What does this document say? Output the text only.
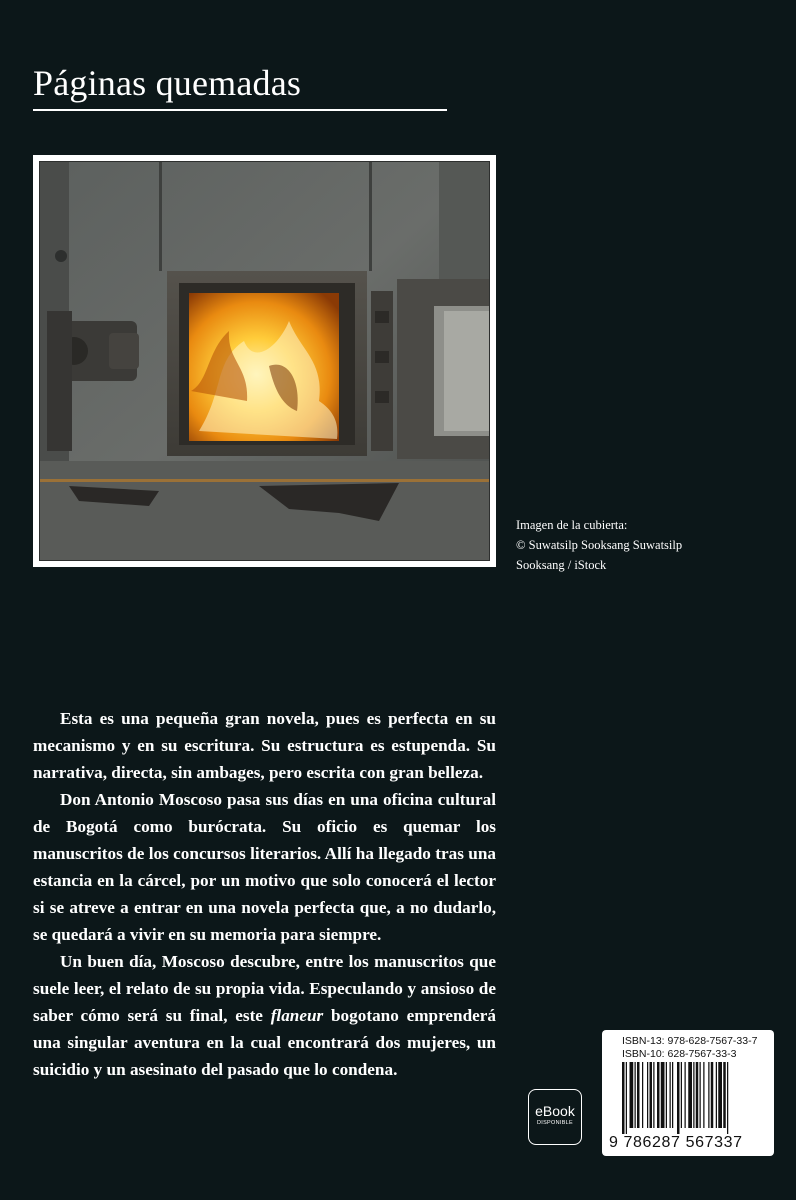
Páginas quemadas
Imagen de la cubierta:
© Suwatsilp Sooksang Suwatsilp
Sooksang / iStock

Esta es una pequeña gran novela, pues es perfecta en su mecanismo y en su escritura. Su estructura es estupenda. Su narrativa, directa, sin ambages, pero escrita con gran belleza.

Don Antonio Moscoso pasa sus días en una oficina cultural de Bogotá como burócrata. Su oficio es quemar los manuscritos de los concursos literarios. Allí ha llegado tras una estancia en la cárcel, por un motivo que solo conocerá el lector si se atreve a entrar en una novela perfecta que, a no dudarlo, se quedará a vivir en su memoria para siempre.

Un buen día, Moscoso descubre, entre los manuscritos que suele leer, el relato de su propia vida. Especulando y ansioso de saber cómo será su final, este flaneur bogotano emprenderá una singular aventura en la cual encontrará dos mujeres, un suicidio y un asesinato del pasado que lo condena.

eBook
DISPONIBLE
ISBN-13: 978-628-7567-33-7
ISBN-10: 628-7567-33-3
9 786287 567337
